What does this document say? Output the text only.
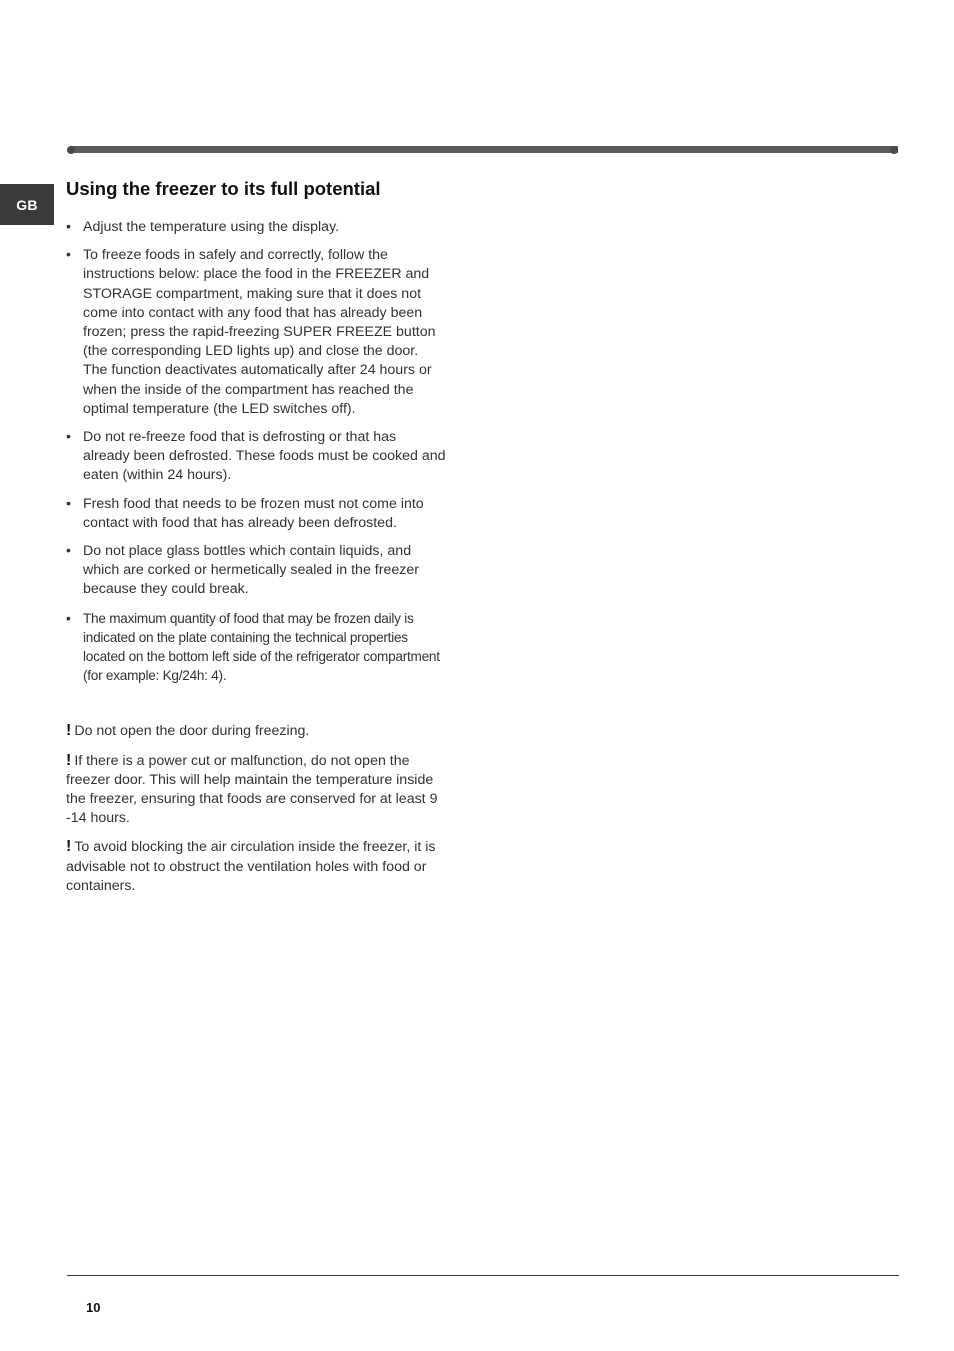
GB
Using the freezer to its full potential
• Adjust the temperature using the display.
• To freeze foods in safely and correctly, follow the instructions below: place the food in the FREEZER and STORAGE compartment, making sure that it does not come into contact with any food that has already been frozen; press the rapid-freezing SUPER FREEZE button (the corresponding LED lights up) and close the door. The function deactivates automatically after 24 hours or when the inside of the compartment has reached the optimal temperature (the LED switches off).
• Do not re-freeze food that is defrosting or that has already been defrosted. These foods must be cooked and eaten (within 24 hours).
• Fresh food that needs to be frozen must not come into contact with food that has already been defrosted.
• Do not place glass bottles which contain liquids, and which are corked or hermetically sealed in the freezer because they could break.
• The maximum quantity of food that may be frozen daily is indicated on the plate containing the technical properties located on the bottom left side of the refrigerator compartment (for example: Kg/24h: 4).

! Do not open the door during freezing.

! If there is a power cut or malfunction, do not open the freezer door. This will help maintain the temperature inside the freezer, ensuring that foods are conserved for at least 9 -14 hours.

! To avoid blocking the air circulation inside the freezer, it is advisable not to obstruct the ventilation holes with food or containers.

10
